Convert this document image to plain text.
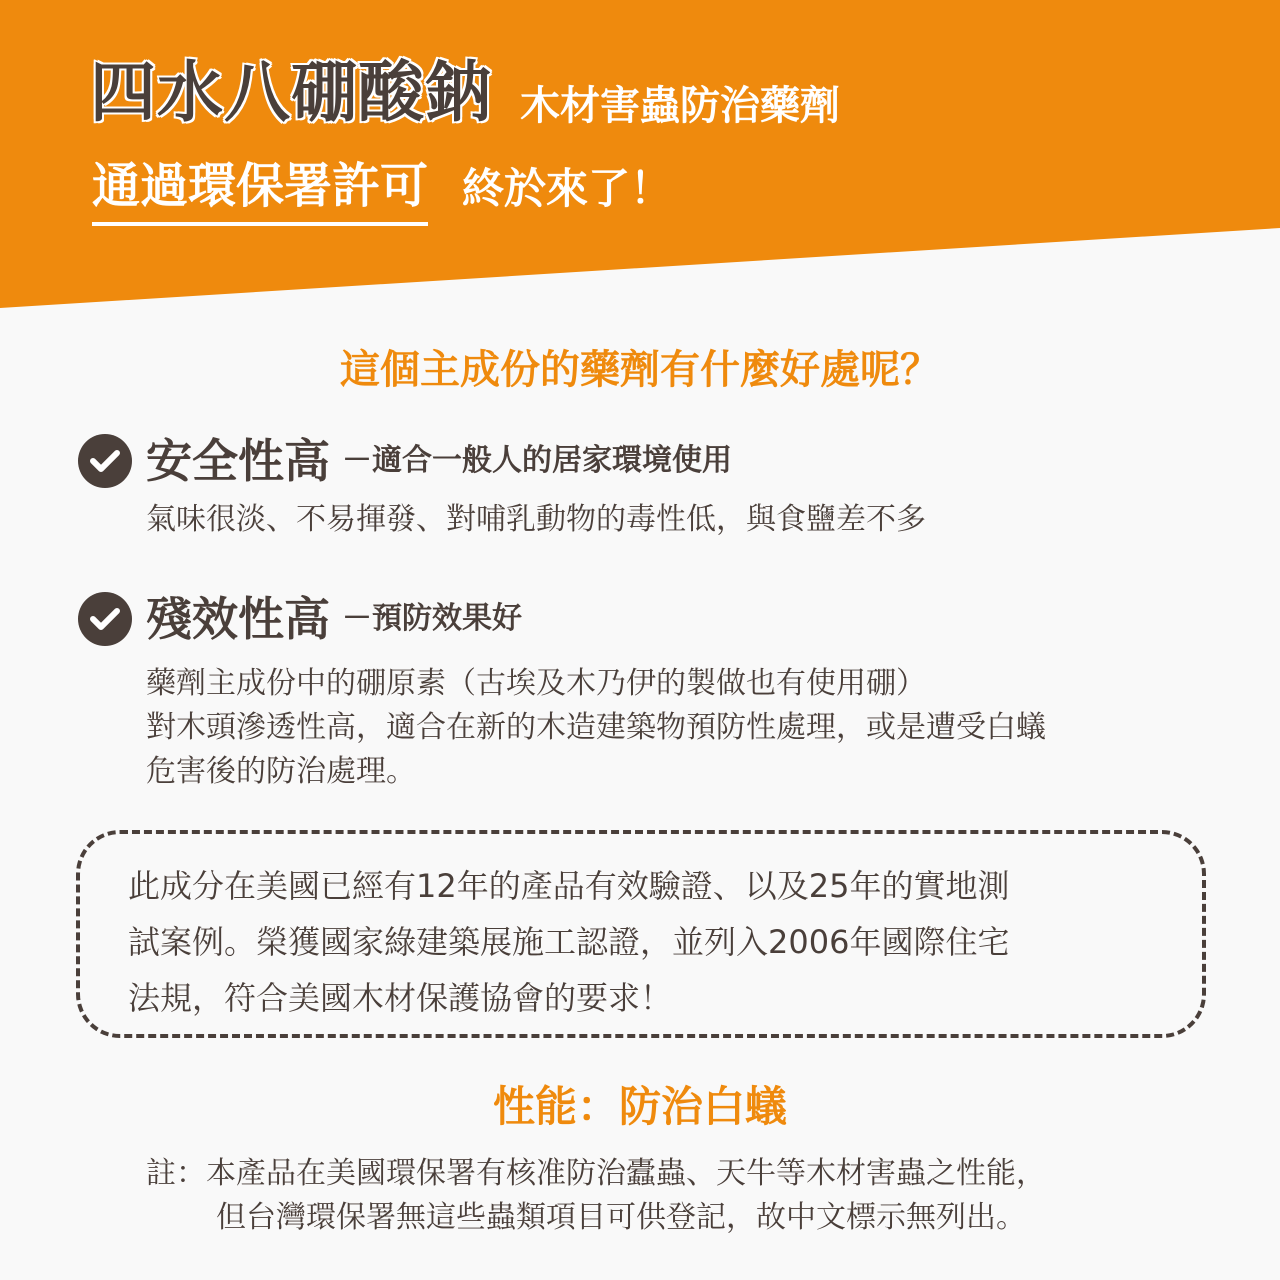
四水八硼酸鈉 木材害蟲防治藥劑
通過環保署許可 終於來了！
這個主成份的藥劑有什麼好處呢？
安全性高 －適合一般人的居家環境使用
氣味很淡、不易揮發、對哺乳動物的毒性低，與食鹽差不多
殘效性高 －預防效果好
藥劑主成份中的硼原素（古埃及木乃伊的製做也有使用硼）
對木頭滲透性高，適合在新的木造建築物預防性處理，或是遭受白蟻
危害後的防治處理。
此成分在美國已經有12年的產品有效驗證、以及25年的實地測
試案例。榮獲國家綠建築展施工認證，並列入2006年國際住宅
法規，符合美國木材保護協會的要求！
性能：防治白蟻
註：本產品在美國環保署有核准防治蠹蟲、天牛等木材害蟲之性能，
但台灣環保署無這些蟲類項目可供登記，故中文標示無列出。
